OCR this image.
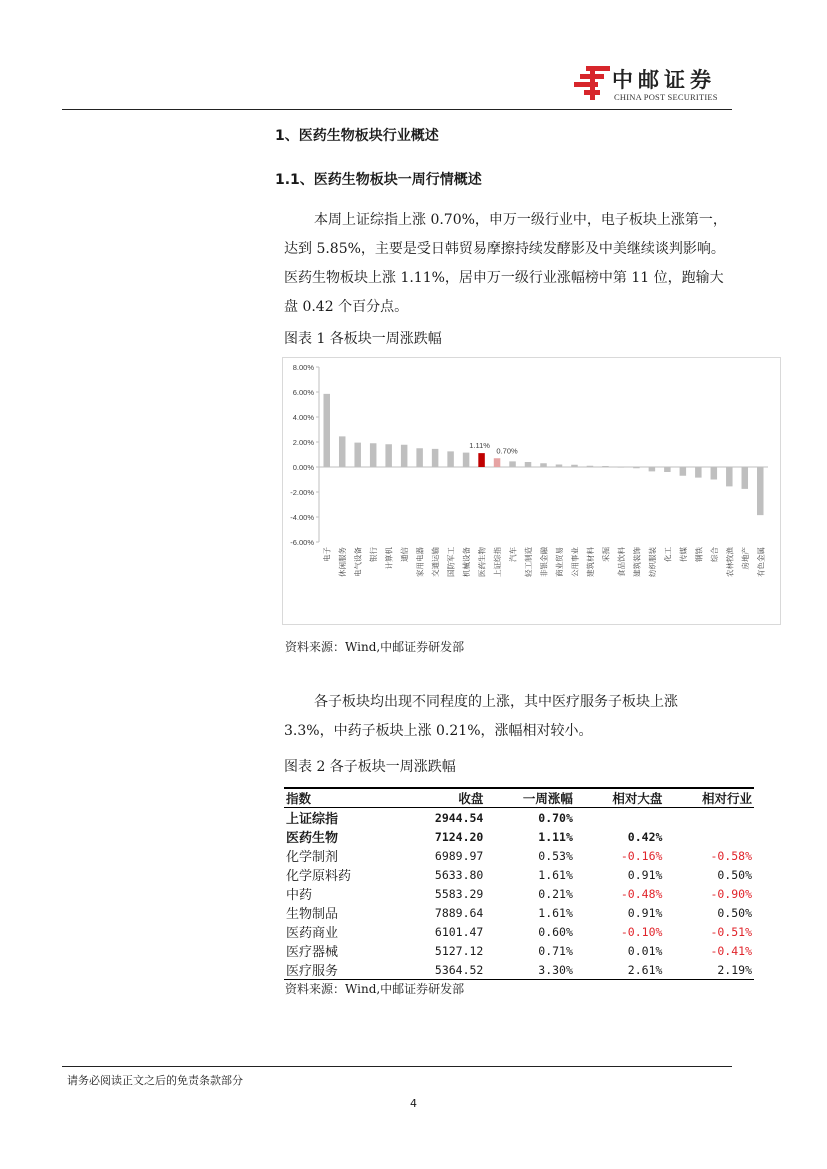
中邮证券
CHINA POST SECURITIES
1、医药生物板块行业概述
1.1、医药生物板块一周行情概述
本周上证综指上涨 0.70%，申万一级行业中，电子板块上涨第一，达到 5.85%，主要是受日韩贸易摩擦持续发酵影及中美继续谈判影响。医药生物板块上涨 1.11%，居申万一级行业涨幅榜中第 11 位，跑输大盘 0.42 个百分点。
图表 1 各板块一周涨跌幅
8.00%
6.00%
4.00%
2.00%
0.00%
-2.00%
-4.00%
-6.00%
电子 休闲服务 电气设备 银行 计算机 通信 家用电器 交通运输 国防军工 机械设备
1.11%
医药生物
0.70%
上证综指 汽车 轻工制造 非银金融 商业贸易 公用事业 建筑材料 采掘 食品饮料 建筑装饰 纺织服装 化工 传媒 钢铁 综合 农林牧渔 房地产 有色金属
资料来源：Wind,中邮证券研发部
各子板块均出现不同程度的上涨，其中医疗服务子板块上涨 3.3%，中药子板块上涨 0.21%，涨幅相对较小。
图表 2 各子板块一周涨跌幅
指数	收盘	一周涨幅	相对大盘	相对行业
上证综指	2944.54	0.70%		
医药生物	7124.20	1.11%	0.42%	
化学制剂	6989.97	0.53%	-0.16%	-0.58%
化学原料药	5633.80	1.61%	0.91%	0.50%
中药	5583.29	0.21%	-0.48%	-0.90%
生物制品	7889.64	1.61%	0.91%	0.50%
医药商业	6101.47	0.60%	-0.10%	-0.51%
医疗器械	5127.12	0.71%	0.01%	-0.41%
医疗服务	5364.52	3.30%	2.61%	2.19%
资料来源：Wind,中邮证券研发部
请务必阅读正文之后的免责条款部分
4
